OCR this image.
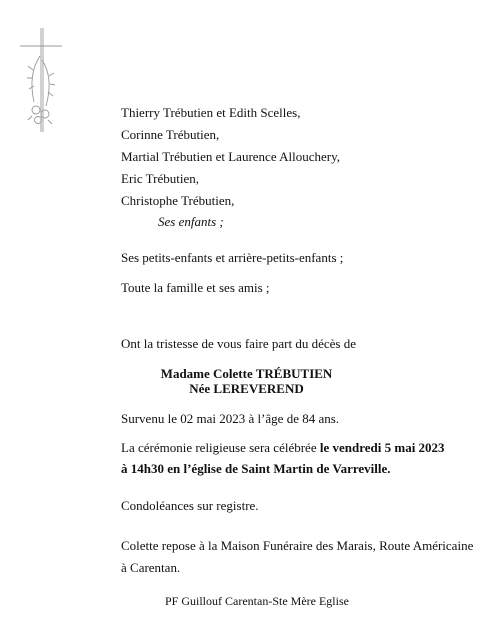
Thierry Trébutien et Edith Scelles,
Corinne Trébutien,
Martial Trébutien et Laurence Allouchery,
Eric Trébutien,
Christophe Trébutien,
Ses enfants ;
Ses petits-enfants et arrière-petits-enfants ;
Toute la famille et ses amis ;
Ont la tristesse de vous faire part du décès de
Madame Colette TRÉBUTIEN
Née LEREVEREND
Survenu le 02 mai 2023 à l’âge de 84 ans.
La cérémonie religieuse sera célébrée le vendredi 5 mai 2023
à 14h30 en l’église de Saint Martin de Varreville.
Condoléances sur registre.
Colette repose à la Maison Funéraire des Marais, Route Américaine
à Carentan.
PF Guillouf Carentan-Ste Mère Eglise
